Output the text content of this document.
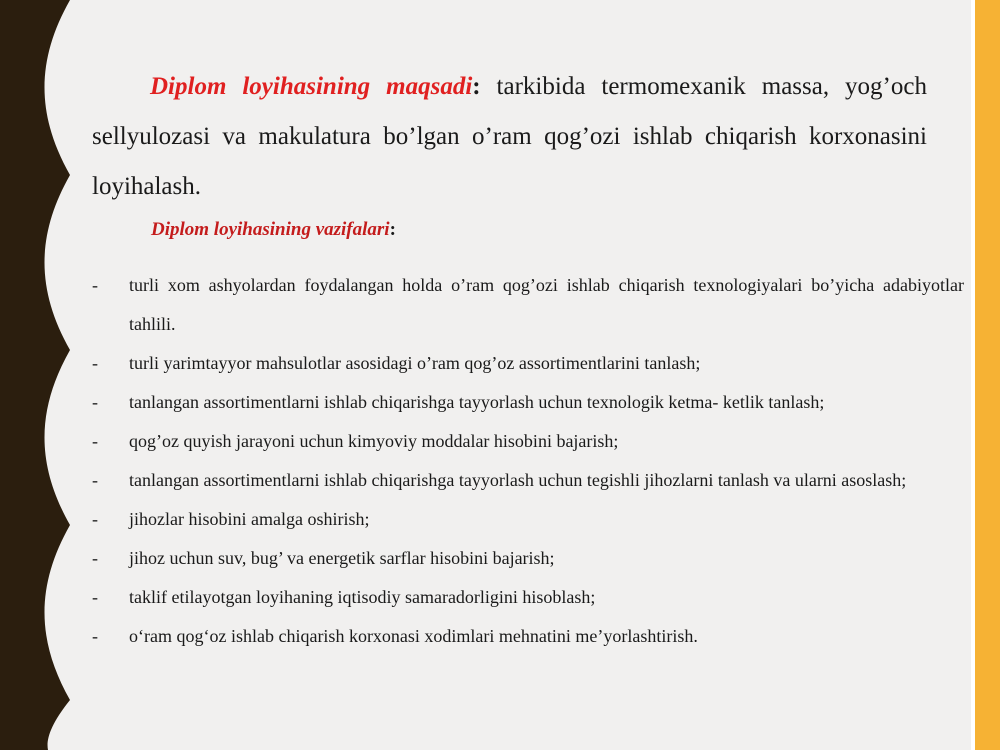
Diplom loyihasining maqsadi: tarkibida termomexanik massa, yog’och sellyulozasi va makulatura bo’lgan o’ram qog’ozi ishlab chiqarish korxonasini loyihalash.

Diplom loyihasining vazifalari:
- turli xom ashyolardan foydalangan holda o’ram qog’ozi ishlab chiqarish texnologiyalari bo’yicha adabiyotlar tahlili.
- turli yarimtayyor mahsulotlar asosidagi o’ram qog’oz assortimentlarini tanlash;
- tanlangan assortimentlarni ishlab chiqarishga tayyorlash uchun texnologik ketma- ketlik tanlash;
- qog’oz quyish jarayoni uchun kimyoviy moddalar hisobini bajarish;
- tanlangan assortimentlarni ishlab chiqarishga tayyorlash uchun tegishli jihozlarni tanlash va ularni asoslash;
- jihozlar hisobini amalga oshirish;
- jihoz uchun suv, bug’ va energetik sarflar hisobini bajarish;
- taklif etilayotgan loyihaning iqtisodiy samaradorligini hisoblash;
- o‘ram qog‘oz ishlab chiqarish korxonasi xodimlari mehnatini me’yorlashtirish.
